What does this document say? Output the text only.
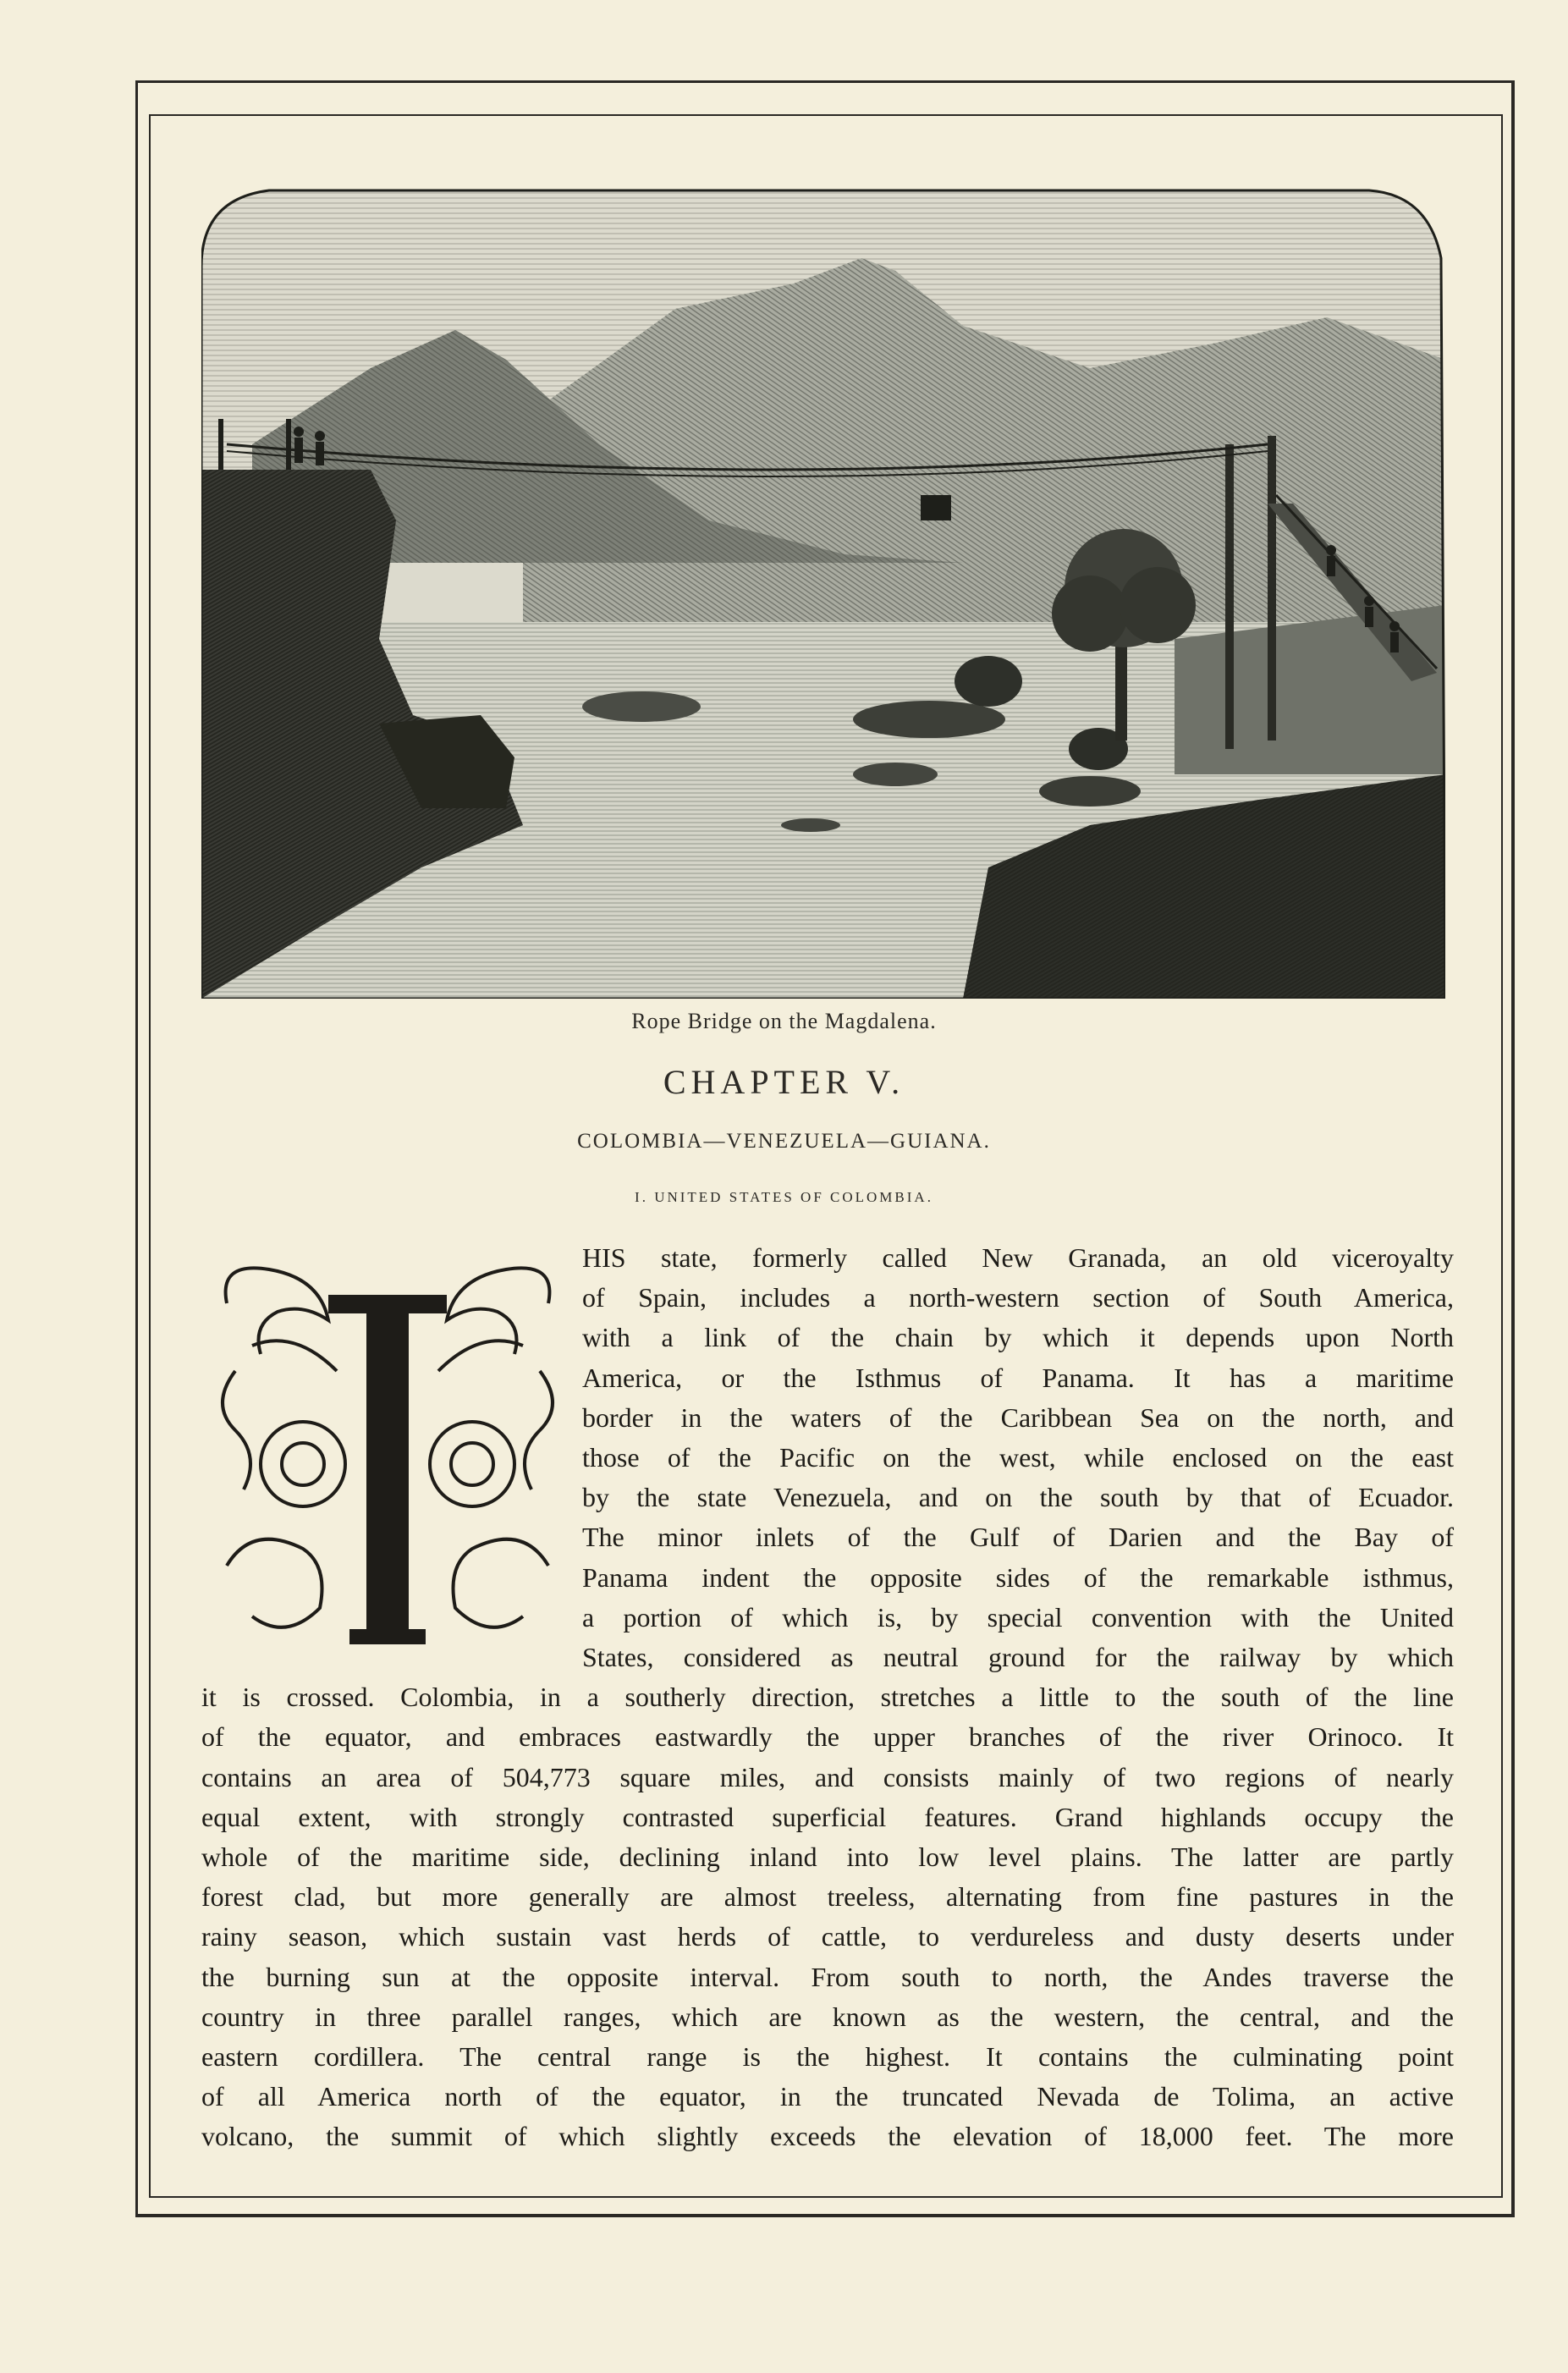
Rope Bridge on the Magdalena.
CHAPTER V.
COLOMBIA—VENEZUELA—GUIANA.
I. UNITED STATES OF COLOMBIA.
HIS state, formerly called New Granada, an old viceroyalty
of Spain, includes a north-western section of South America,
with a link of the chain by which it depends upon North
America, or the Isthmus of Panama. It has a maritime
border in the waters of the Caribbean Sea on the north, and
those of the Pacific on the west, while enclosed on the east
by the state Venezuela, and on the south by that of Ecuador.
The minor inlets of the Gulf of Darien and the Bay of
Panama indent the opposite sides of the remarkable isthmus,
a portion of which is, by special convention with the United
States, considered as neutral ground for the railway by which
it is crossed. Colombia, in a southerly direction, stretches a little to the south of the line
of the equator, and embraces eastwardly the upper branches of the river Orinoco. It
contains an area of 504,773 square miles, and consists mainly of two regions of nearly
equal extent, with strongly contrasted superficial features. Grand highlands occupy the
whole of the maritime side, declining inland into low level plains. The latter are partly
forest clad, but more generally are almost treeless, alternating from fine pastures in the
rainy season, which sustain vast herds of cattle, to verdureless and dusty deserts under
the burning sun at the opposite interval. From south to north, the Andes traverse the
country in three parallel ranges, which are known as the western, the central, and the
eastern cordillera. The central range is the highest. It contains the culminating point
of all America north of the equator, in the truncated Nevada de Tolima, an active
volcano, the summit of which slightly exceeds the elevation of 18,000 feet. The more
